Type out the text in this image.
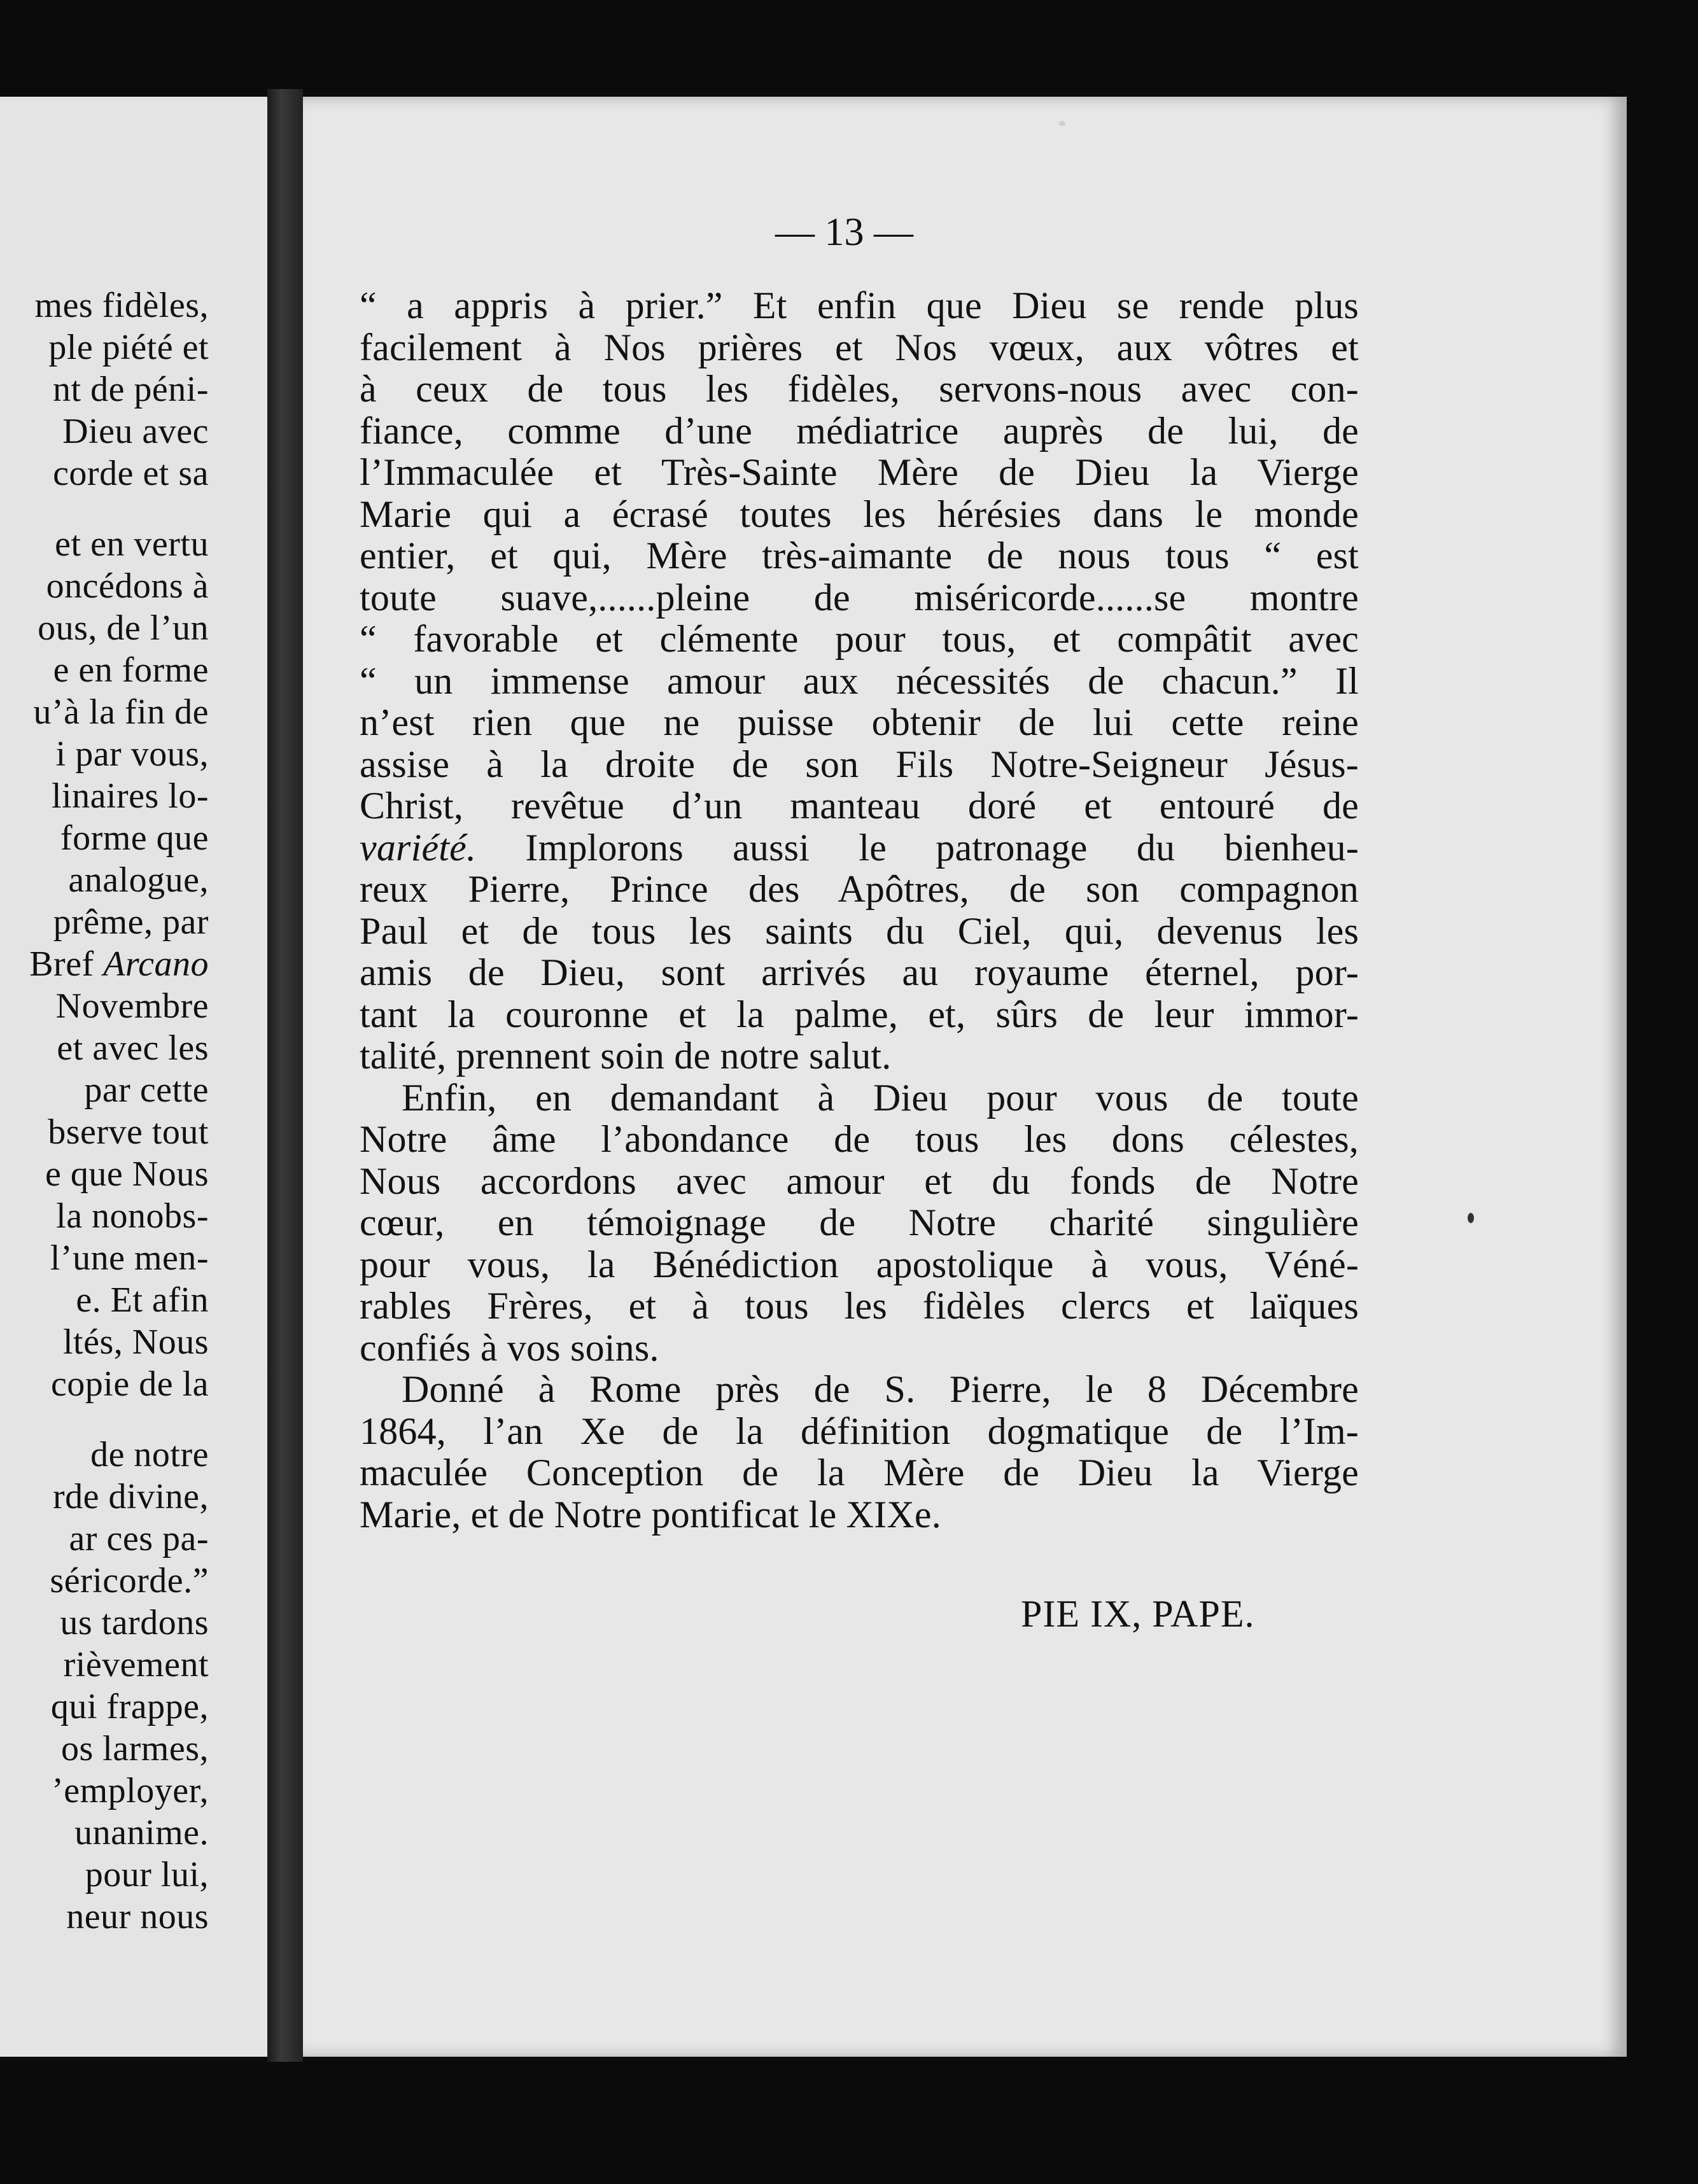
mes fidèles,
ple piété et
nt de péni-
Dieu avec
corde et sa
et en vertu
oncédons à
ous, de l’un
e en forme
u’à la fin de
i par vous,
linaires lo-
forme que
analogue,
prême, par
Bref Arcano
Novembre
et avec les
par cette
bserve tout
e que Nous
la nonobs-
l’une men-
e. Et afin
ltés, Nous
copie de la
de notre
rde divine,
ar ces pa-
séricorde.”
us tardons
rièvement
qui frappe,
os larmes,
’employer,
unanime.
pour lui,
neur nous
— 13 —
“ a appris à prier.” Et enfin que Dieu se rende plus
facilement à Nos prières et Nos vœux, aux vôtres et
à ceux de tous les fidèles, servons-nous avec con-
fiance, comme d’une médiatrice auprès de lui, de
l’Immaculée et Très-Sainte Mère de Dieu la Vierge
Marie qui a écrasé toutes les hérésies dans le monde
entier, et qui, Mère très-aimante de nous tous “ est
toute suave,......pleine de miséricorde......se montre
“ favorable et clémente pour tous, et compâtit avec
“ un immense amour aux nécessités de chacun.” Il
n’est rien que ne puisse obtenir de lui cette reine
assise à la droite de son Fils Notre-Seigneur Jésus-
Christ, revêtue d’un manteau doré et entouré de
variété. Implorons aussi le patronage du bienheu-
reux Pierre, Prince des Apôtres, de son compagnon
Paul et de tous les saints du Ciel, qui, devenus les
amis de Dieu, sont arrivés au royaume éternel, por-
tant la couronne et la palme, et, sûrs de leur immor-
talité, prennent soin de notre salut.
Enfin, en demandant à Dieu pour vous de toute
Notre âme l’abondance de tous les dons célestes,
Nous accordons avec amour et du fonds de Notre
cœur, en témoignage de Notre charité singulière
pour vous, la Bénédiction apostolique à vous, Véné-
rables Frères, et à tous les fidèles clercs et laïques
confiés à vos soins.
Donné à Rome près de S. Pierre, le 8 Décembre
1864, l’an Xe de la définition dogmatique de l’Im-
maculée Conception de la Mère de Dieu la Vierge
Marie, et de Notre pontificat le XIXe.
PIE IX, PAPE.
